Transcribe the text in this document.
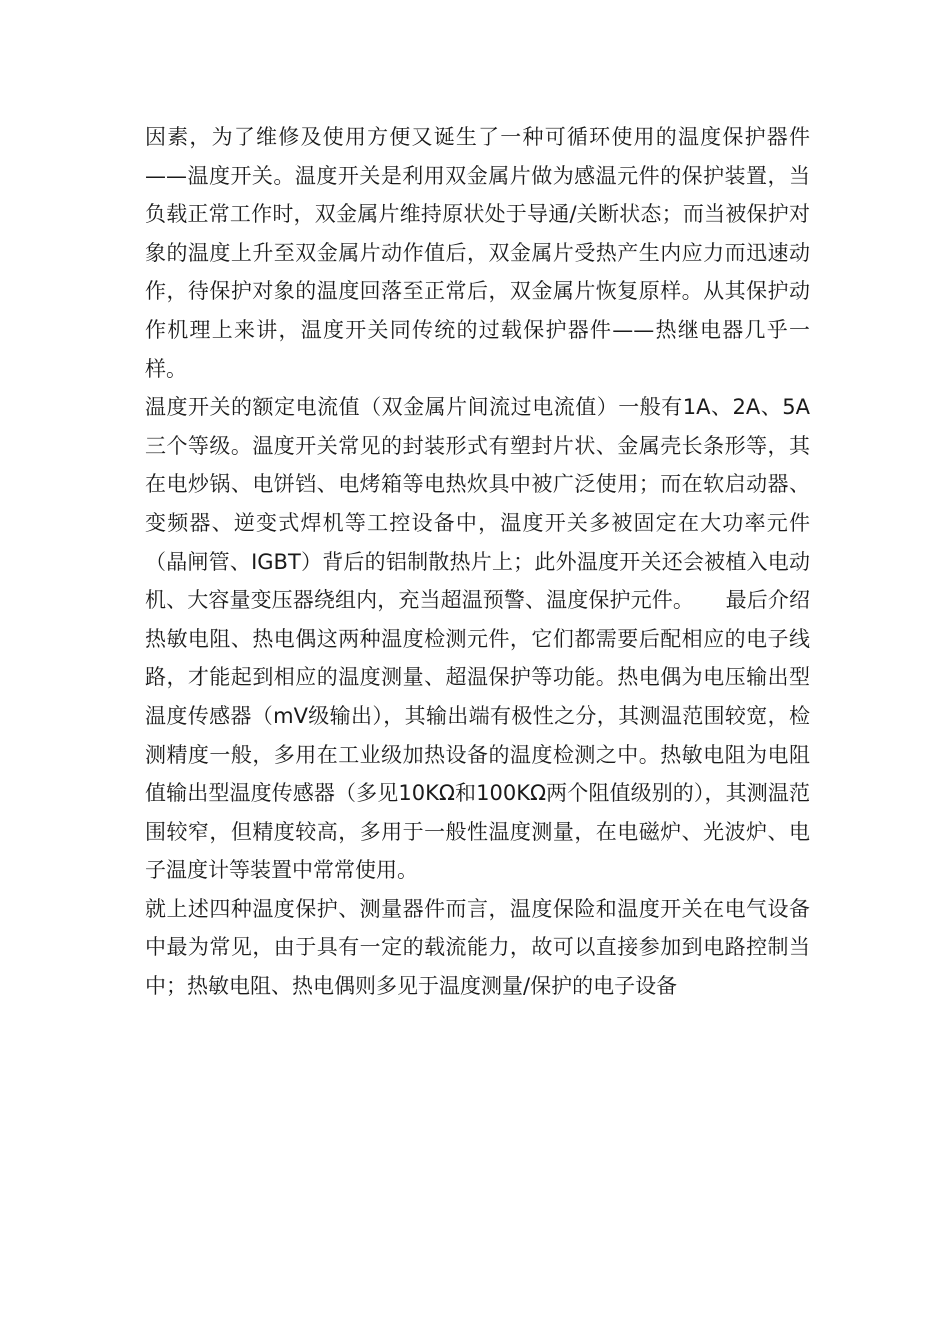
因素，为了维修及使用方便又诞生了一种可循环使用的温度保护器件——温度开关。温度开关是利用双金属片做为感温元件的保护装置，当负载正常工作时，双金属片维持原状处于导通/关断状态；而当被保护对象的温度上升至双金属片动作值后，双金属片受热产生内应力而迅速动作，待保护对象的温度回落至正常后，双金属片恢复原样。从其保护动作机理上来讲，温度开关同传统的过载保护器件——热继电器几乎一样。

温度开关的额定电流值（双金属片间流过电流值）一般有1A、2A、5A三个等级。温度开关常见的封装形式有塑封片状、金属壳长条形等，其在电炒锅、电饼铛、电烤箱等电热炊具中被广泛使用；而在软启动器、变频器、逆变式焊机等工控设备中，温度开关多被固定在大功率元件（晶闸管、IGBT）背后的铝制散热片上；此外温度开关还会被植入电动机、大容量变压器绕组内，充当超温预警、温度保护元件。　　最后介绍热敏电阻、热电偶这两种温度检测元件，它们都需要后配相应的电子线路，才能起到相应的温度测量、超温保护等功能。热电偶为电压输出型温度传感器（mV级输出），其输出端有极性之分，其测温范围较宽，检测精度一般，多用在工业级加热设备的温度检测之中。热敏电阻为电阻值输出型温度传感器（多见10KΩ和100KΩ两个阻值级别的），其测温范围较窄，但精度较高，多用于一般性温度测量，在电磁炉、光波炉、电子温度计等装置中常常使用。

就上述四种温度保护、测量器件而言，温度保险和温度开关在电气设备中最为常见，由于具有一定的载流能力，故可以直接参加到电路控制当中；热敏电阻、热电偶则多见于温度测量/保护的电子设备
